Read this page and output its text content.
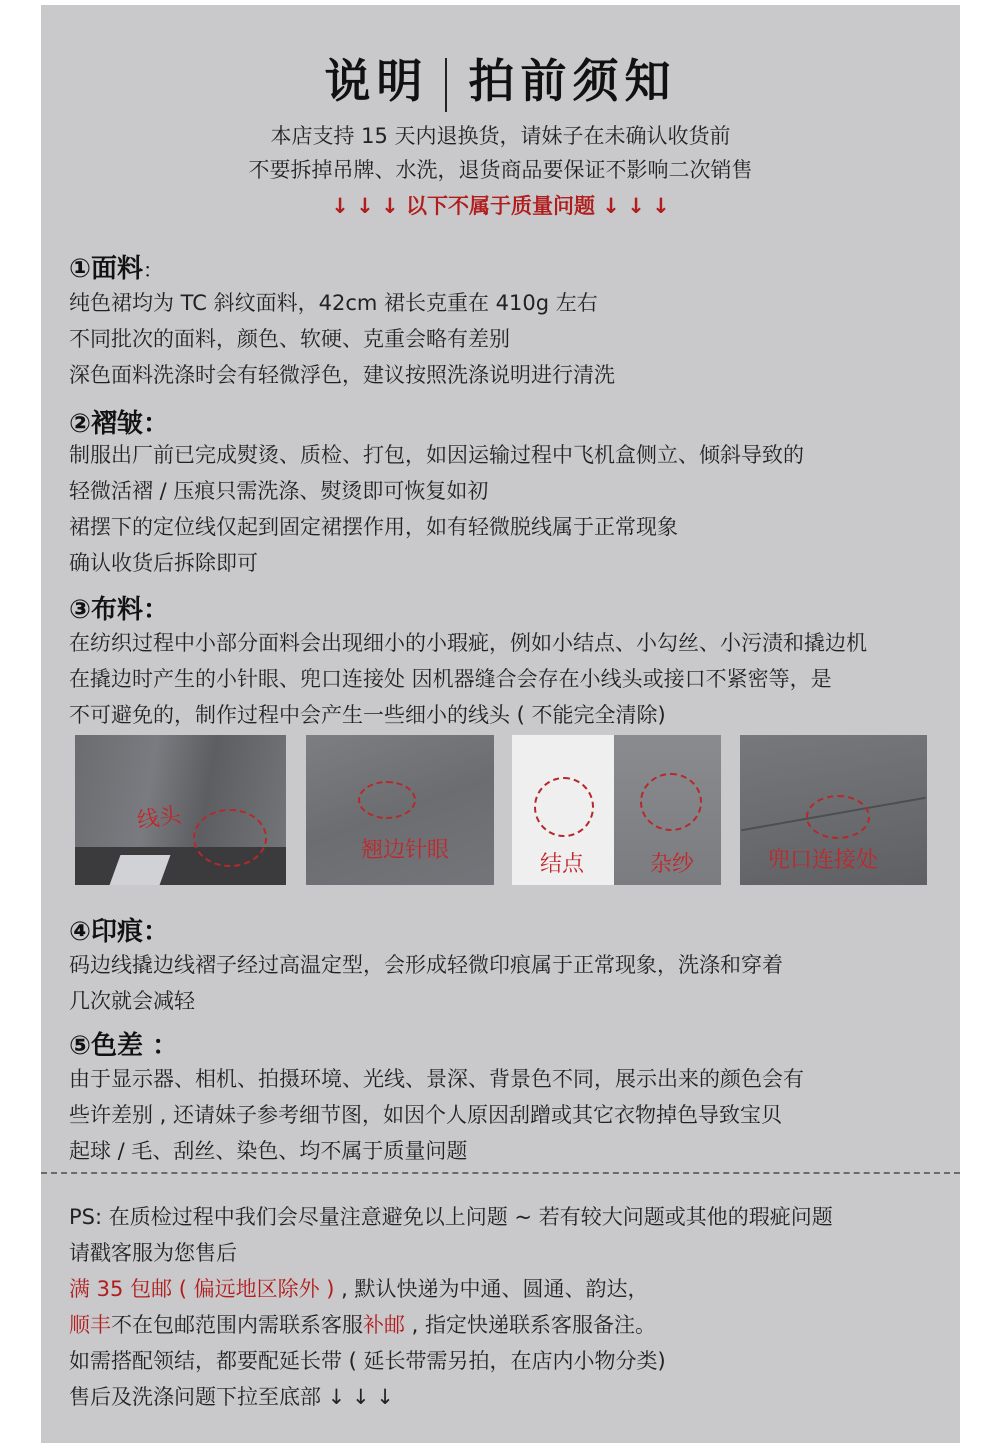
说明 拍前须知
本店支持 15 天内退换货，请妹子在未确认收货前
不要拆掉吊牌、水洗，退货商品要保证不影响二次销售
↓ ↓ ↓ 以下不属于质量问题 ↓ ↓ ↓
①面料：
纯色裙均为 TC 斜纹面料，42cm 裙长克重在 410g 左右
不同批次的面料，颜色、软硬、克重会略有差别
深色面料洗涤时会有轻微浮色，建议按照洗涤说明进行清洗
②褶皱：
制服出厂前已完成熨烫、质检、打包，如因运输过程中飞机盒侧立、倾斜导致的
轻微活褶 / 压痕只需洗涤、熨烫即可恢复如初
裙摆下的定位线仅起到固定裙摆作用，如有轻微脱线属于正常现象
确认收货后拆除即可
③布料：
在纺织过程中小部分面料会出现细小的小瑕疵，例如小结点、小勾丝、小污渍和撬边机
在撬边时产生的小针眼、兜口连接处 因机器缝合会存在小线头或接口不紧密等，是
不可避免的，制作过程中会产生一些细小的线头 ( 不能完全清除)
线头
翘边针眼
结点	杂纱	兜口连接处
④印痕：
码边线撬边线褶子经过高温定型，会形成轻微印痕属于正常现象，洗涤和穿着
几次就会减轻
⑤色差 ：
由于显示器、相机、拍摄环境、光线、景深、背景色不同，展示出来的颜色会有
些许差别 , 还请妹子参考细节图，如因个人原因刮蹭或其它衣物掉色导致宝贝
起球 / 毛、刮丝、染色、均不属于质量问题
PS: 在质检过程中我们会尽量注意避免以上问题 ~ 若有较大问题或其他的瑕疵问题
请戳客服为您售后
满 35 包邮 ( 偏远地区除外 ) , 默认快递为中通、圆通、韵达，
顺丰不在包邮范围内需联系客服补邮 , 指定快递联系客服备注。
如需搭配领结，都要配延长带 ( 延长带需另拍，在店内小物分类)
售后及洗涤问题下拉至底部 ↓ ↓ ↓
